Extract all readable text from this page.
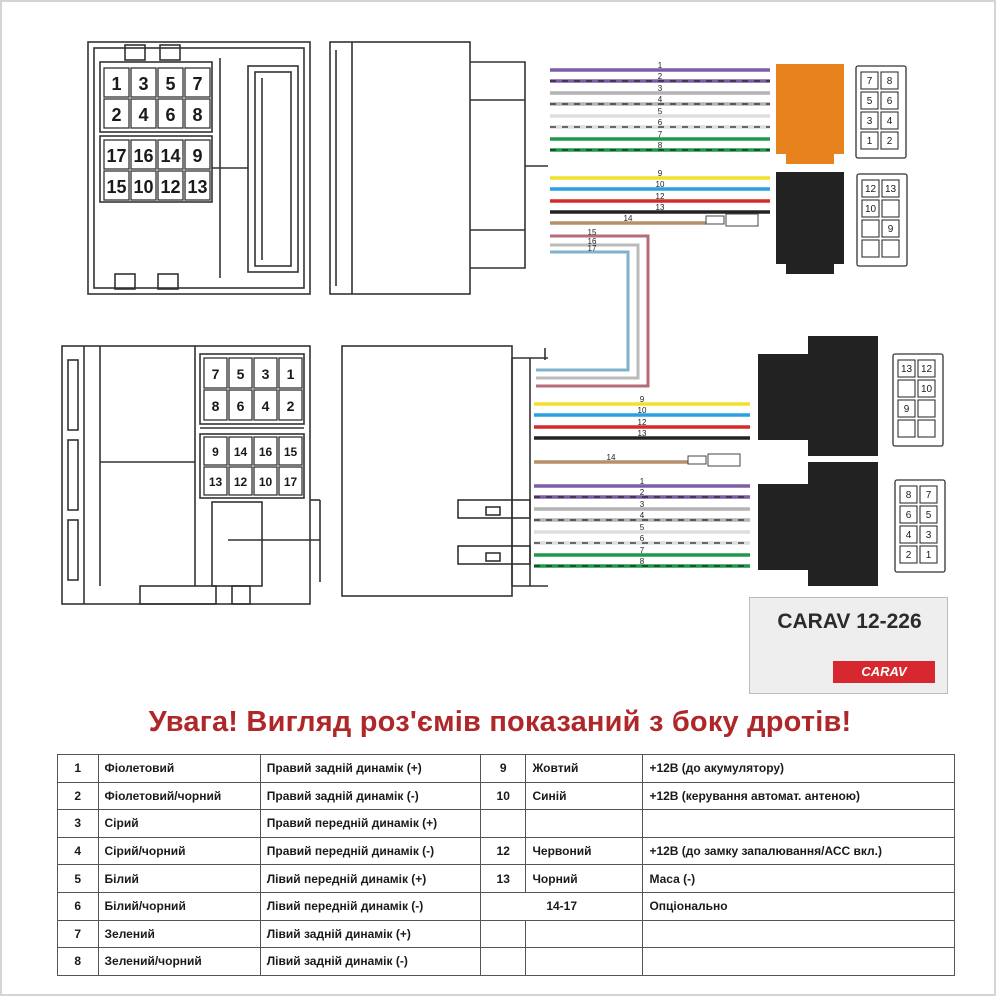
1 3 5 7
2 4 6 8
17 16 14 9
15 10 12 13
7 5 3 1
8 6 4 2
9 14 16 15
13 12 10 17
1
2
3
4
5
6
7
8
9
10
12
13
14
15
16
17
9
10
12
13
14
1
2
3
4
5
6
7
8
7 8
5 6
3 4
1 2
12 13
10
9
13 12
10
9
8 7
6 5
4 3
2 1
CARAV 12-226
CARAV
Увага! Вигляд роз'ємів показаний з боку дротів!
1	Фіолетовий	Правий задній динамік (+)	9	Жовтий	+12В (до акумулятору)
2	Фіолетовий/чорний	Правий задній динамік (-)	10	Синій	+12В (керування автомат. антеною)
3	Сірий	Правий передній динамік (+)			
4	Сірий/чорний	Правий передній динамік (-)	12	Червоний	+12В (до замку запалювання/АСС вкл.)
5	Білий	Лівий передній динамік (+)	13	Чорний	Маса (-)
6	Білий/чорний	Лівий передній динамік (-)	14-17		Опціонально
7	Зелений	Лівий задній динамік (+)			
8	Зелений/чорний	Лівий задній динамік (-)			
